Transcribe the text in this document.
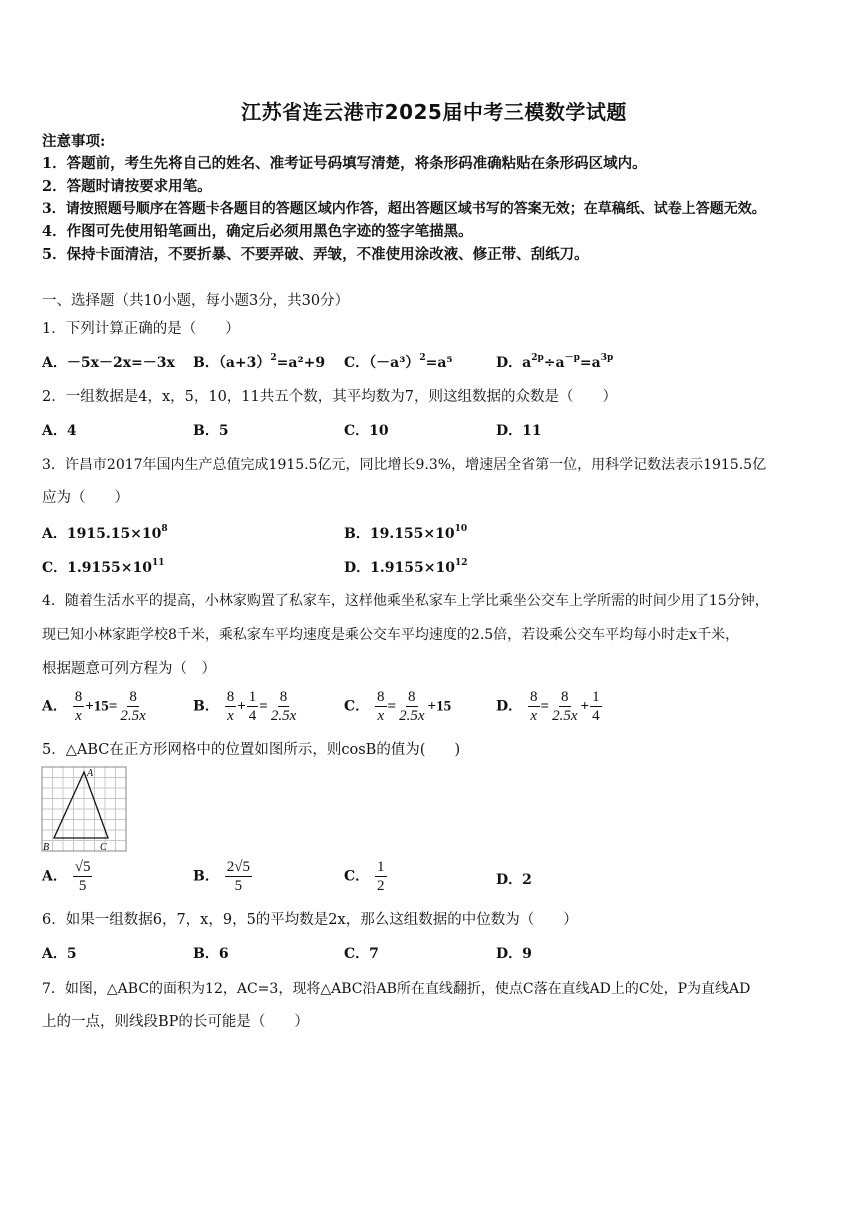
江苏省连云港市2025届中考三模数学试题
注意事项:
1．答题前，考生先将自己的姓名、准考证号码填写清楚，将条形码准确粘贴在条形码区域内。
2．答题时请按要求用笔。
3．请按照题号顺序在答题卡各题目的答题区域内作答，超出答题区域书写的答案无效；在草稿纸、试卷上答题无效。
4．作图可先使用铅笔画出，确定后必须用黑色字迹的签字笔描黑。
5．保持卡面清洁，不要折暴、不要弄破、弄皱，不准使用涂改液、修正带、刮纸刀。
一、选择题（共10小题，每小题3分，共30分）
1．下列计算正确的是（　　）
A．－5x－2x=－3x B．$(a+3)^2=a^2+9$ C．$(-a^3)^2=a^5$	D．$a^{2p}\div a^{-p}=a^{3p}$
2．一组数据是4，x，5，10，11共五个数，其平均数为7，则这组数据的众数是（　　）
A．4	B．5	C．10	D．11
3．许昌市2017年国内生产总值完成1915.5亿元，同比增长9.3%，增速居全省第一位，用科学记数法表示1915.5亿
应为（　　）
A．$1915.15\times 10^8$	B．$19.155\times 10^{10}$
C．$1.9155\times 10^{11}$	D．$1.9155\times 10^{12}$
4．随着生活水平的提高，小林家购置了私家车，这样他乘坐私家车上学比乘坐公交车上学所需的时间少用了15分钟，
现已知小林家距学校8千米，乘私家车平均速度是乘公交车平均速度的2.5倍，若设乘公交车平均每小时走x千米，
根据题意可列方程为（　）
A． $\frac{8}{x} +15= \frac{8}{2.5x}$	B． $\frac{8}{x} + \frac{1}{4} = \frac{8}{2.5x}$	C． $\frac{8}{x} = \frac{8}{2.5x} +15$	D． $\frac{8}{x} = \frac{8}{2.5x} + \frac{1}{4}$
5．△ABC在正方形网格中的位置如图所示，则cosB的值为(　　)
A
B	C
A． $\frac{√5}{5}$	B． $\frac{2√5}{5}$	C． $\frac{1}{2}$	D．2
6．如果一组数据6，7，x，9，5的平均数是2x，那么这组数据的中位数为（　　）
A．5	B．6	C．7	D．9
7．如图，△ABC的面积为12，AC=3，现将△ABC沿AB所在直线翻折，使点C落在直线AD上的C处，P为直线AD
上的一点，则线段BP的长可能是（　　）
